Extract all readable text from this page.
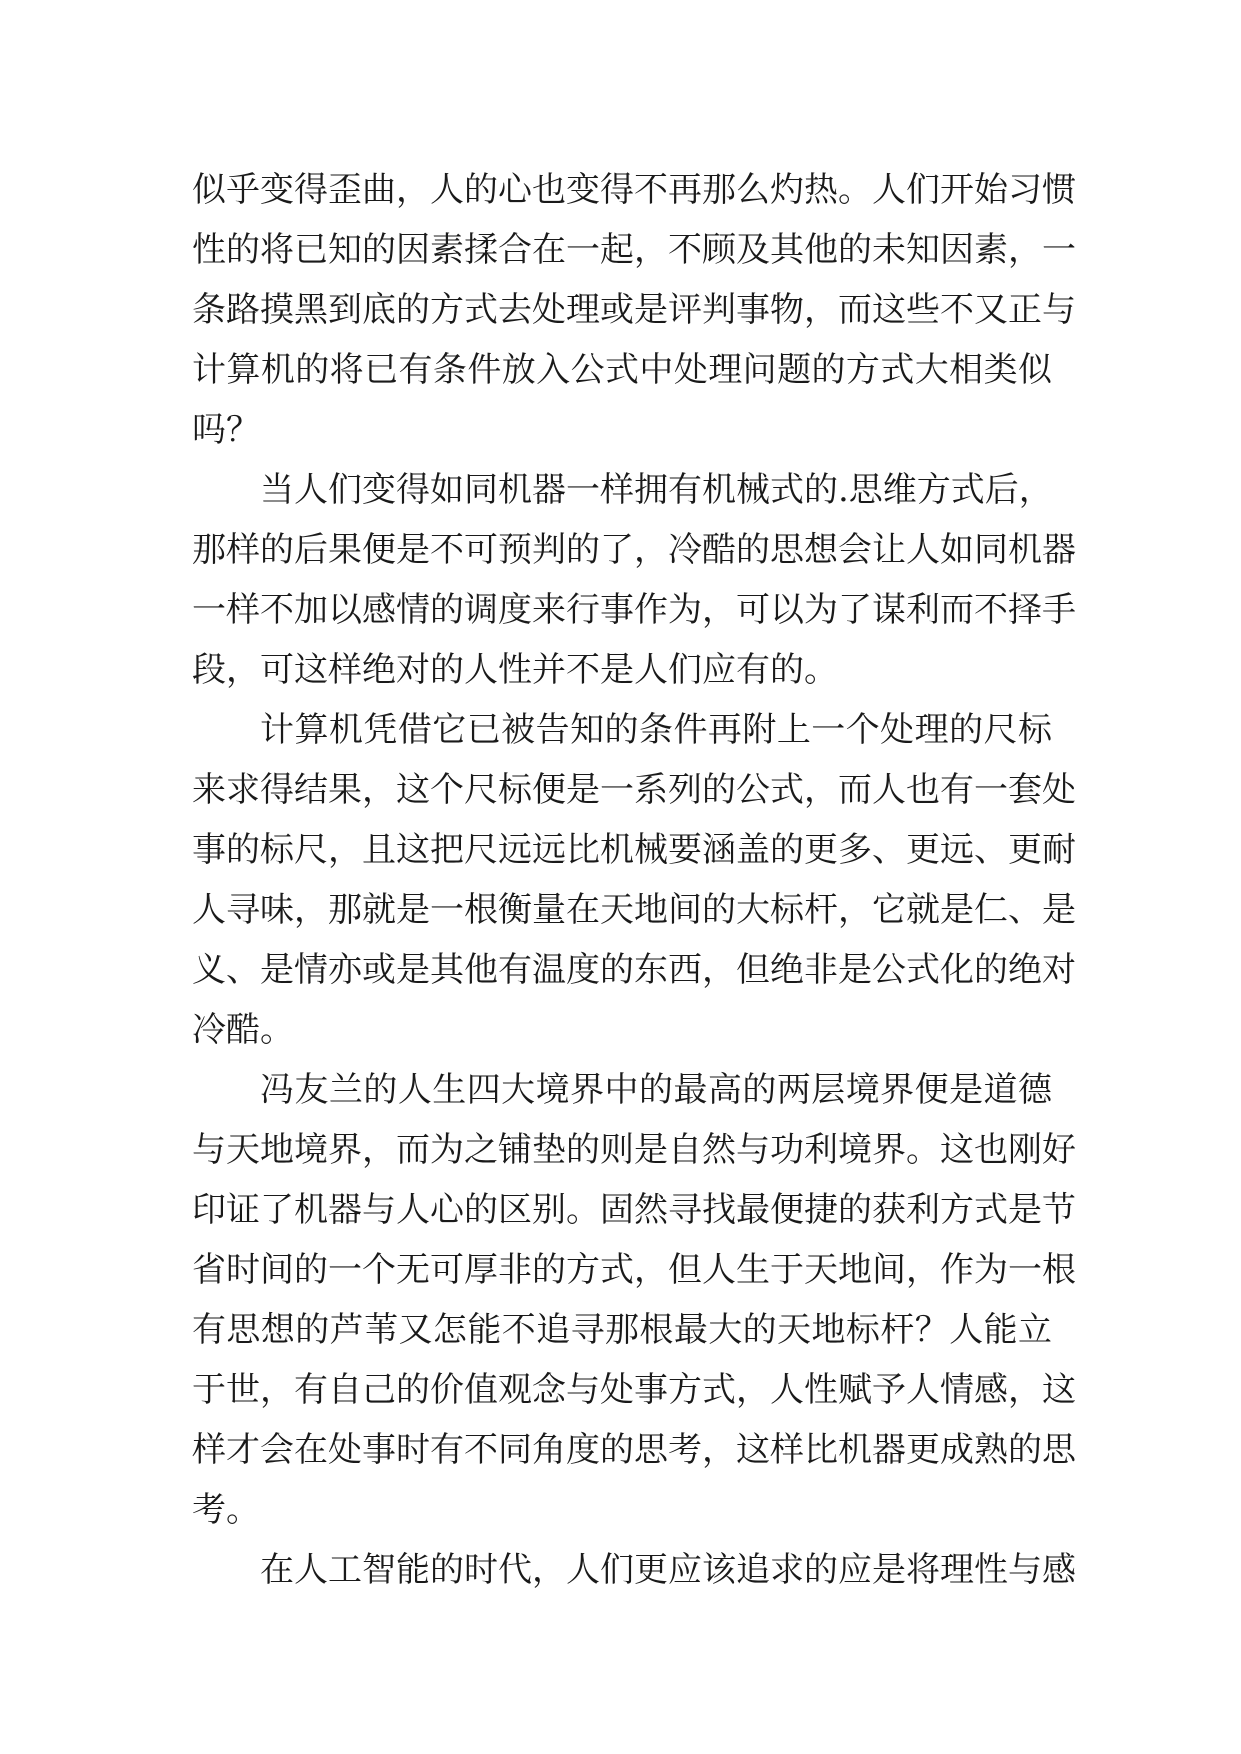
似乎变得歪曲，人的心也变得不再那么灼热。人们开始习惯
性的将已知的因素揉合在一起，不顾及其他的未知因素，一
条路摸黑到底的方式去处理或是评判事物，而这些不又正与
计算机的将已有条件放入公式中处理问题的方式大相类似
吗？
当人们变得如同机器一样拥有机械式的.思维方式后，
那样的后果便是不可预判的了，冷酷的思想会让人如同机器
一样不加以感情的调度来行事作为，可以为了谋利而不择手
段，可这样绝对的人性并不是人们应有的。
计算机凭借它已被告知的条件再附上一个处理的尺标
来求得结果，这个尺标便是一系列的公式，而人也有一套处
事的标尺，且这把尺远远比机械要涵盖的更多、更远、更耐
人寻味，那就是一根衡量在天地间的大标杆，它就是仁、是
义、是情亦或是其他有温度的东西，但绝非是公式化的绝对
冷酷。
冯友兰的人生四大境界中的最高的两层境界便是道德
与天地境界，而为之铺垫的则是自然与功利境界。这也刚好
印证了机器与人心的区别。固然寻找最便捷的获利方式是节
省时间的一个无可厚非的方式，但人生于天地间，作为一根
有思想的芦苇又怎能不追寻那根最大的天地标杆？人能立
于世，有自己的价值观念与处事方式，人性赋予人情感，这
样才会在处事时有不同角度的思考，这样比机器更成熟的思
考。
在人工智能的时代，人们更应该追求的应是将理性与感
